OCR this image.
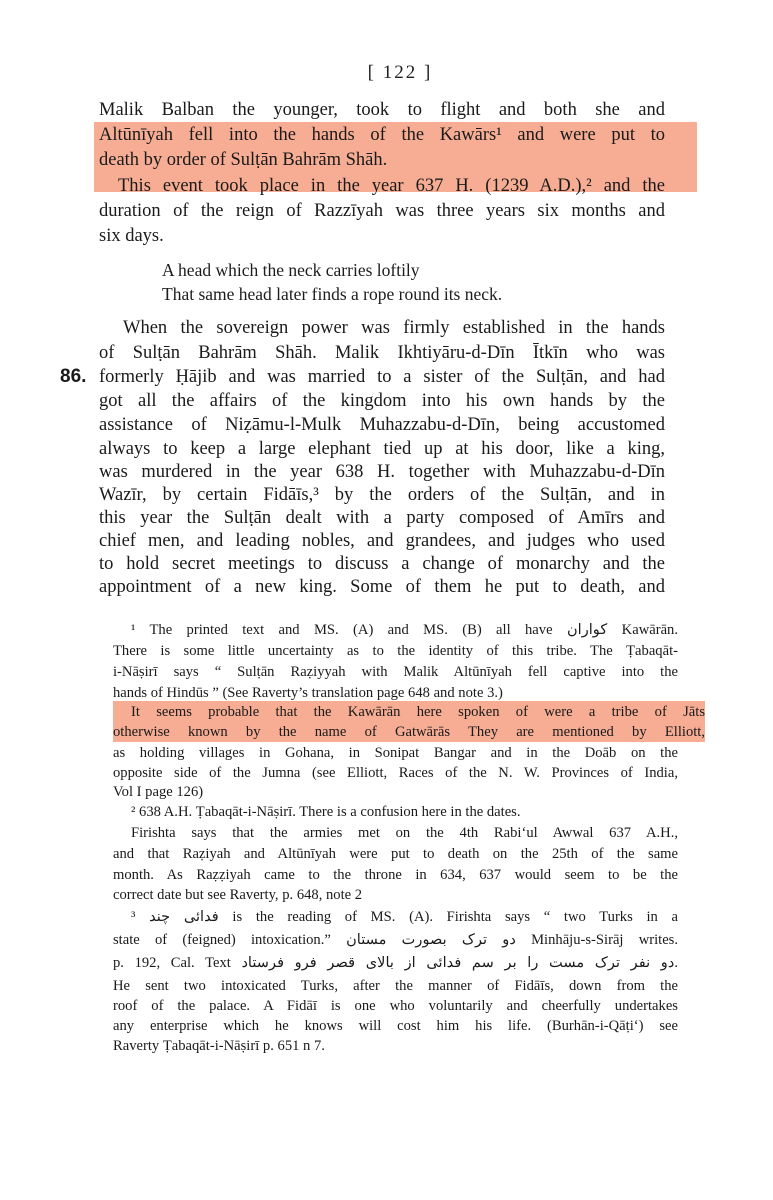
[ 122 ]
86.
Malik Balban the younger, took to flight and both she and
Altūnīyah fell into the hands of the Kawārs¹ and were put to
death by order of Sulṭān Bahrām Shāh.
This event took place in the year 637 H. (1239 A.D.),² and the
duration of the reign of Razzīyah was three years six months and
six days.
When the sovereign power was firmly established in the hands
of Sulṭān Bahrām Shāh. Malik Ikhtiyāru-d-Dīn Ītkīn who was
formerly Ḥājib and was married to a sister of the Sulṭān, and had
got all the affairs of the kingdom into his own hands by the
assistance of Niẓāmu-l-Mulk Muhazzabu-d-Dīn, being accustomed
always to keep a large elephant tied up at his door, like a king,
was murdered in the year 638 H. together with Muhazzabu-d-Dīn
Wazīr, by certain Fidāīs,³ by the orders of the Sulṭān, and in
this year the Sulṭān dealt with a party composed of Amīrs and
chief men, and leading nobles, and grandees, and judges who used
to hold secret meetings to discuss a change of monarchy and the
appointment of a new king. Some of them he put to death, and
A head which the neck carries loftily
That same head later finds a rope round its neck.
¹ The printed text and MS. (A) and MS. (B) all have کواران Kawārān.
There is some little uncertainty as to the identity of this tribe. The Ṭabaqāt-
i-Nāṣirī says “ Sulṭān Raẓiyyah with Malik Altūnīyah fell captive into the
hands of Hindūs ” (See Raverty’s translation page 648 and note 3.)
It seems probable that the Kawārān here spoken of were a tribe of Jāts
otherwise known by the name of Gatwārās They are mentioned by Elliott,
as holding villages in Gohana, in Sonipat Bangar and in the Doāb on the
opposite side of the Jumna (see Elliott, Races of the N. W. Provinces of India,
Vol I page 126)
² 638 A.H. Ṭabaqāt-i-Nāṣirī. There is a confusion here in the dates.
Firishta says that the armies met on the 4th Rabi‘ul Awwal 637 A.H.,
and that Raẓiyah and Altūnīyah were put to death on the 25th of the same
month. As Raẓẓiyah came to the throne in 634, 637 would seem to be the
correct date but see Raverty, p. 648, note 2
³ فدائی چند is the reading of MS. (A). Firishta says “ two Turks in a
state of (feigned) intoxication.” دو ترک بصورت مستان Minhāju-s-Sirāj writes.
p. 192, Cal. Text دو نفر ترک مست را بر سم فدائی از بالای قصر فرو فرستاد.
He sent two intoxicated Turks, after the manner of Fidāīs, down from the
roof of the palace. A Fidāī is one who voluntarily and cheerfully undertakes
any enterprise which he knows will cost him his life. (Burhān-i-Qāṭi‘) see
Raverty Ṭabaqāt-i-Nāṣirī p. 651 n 7.
